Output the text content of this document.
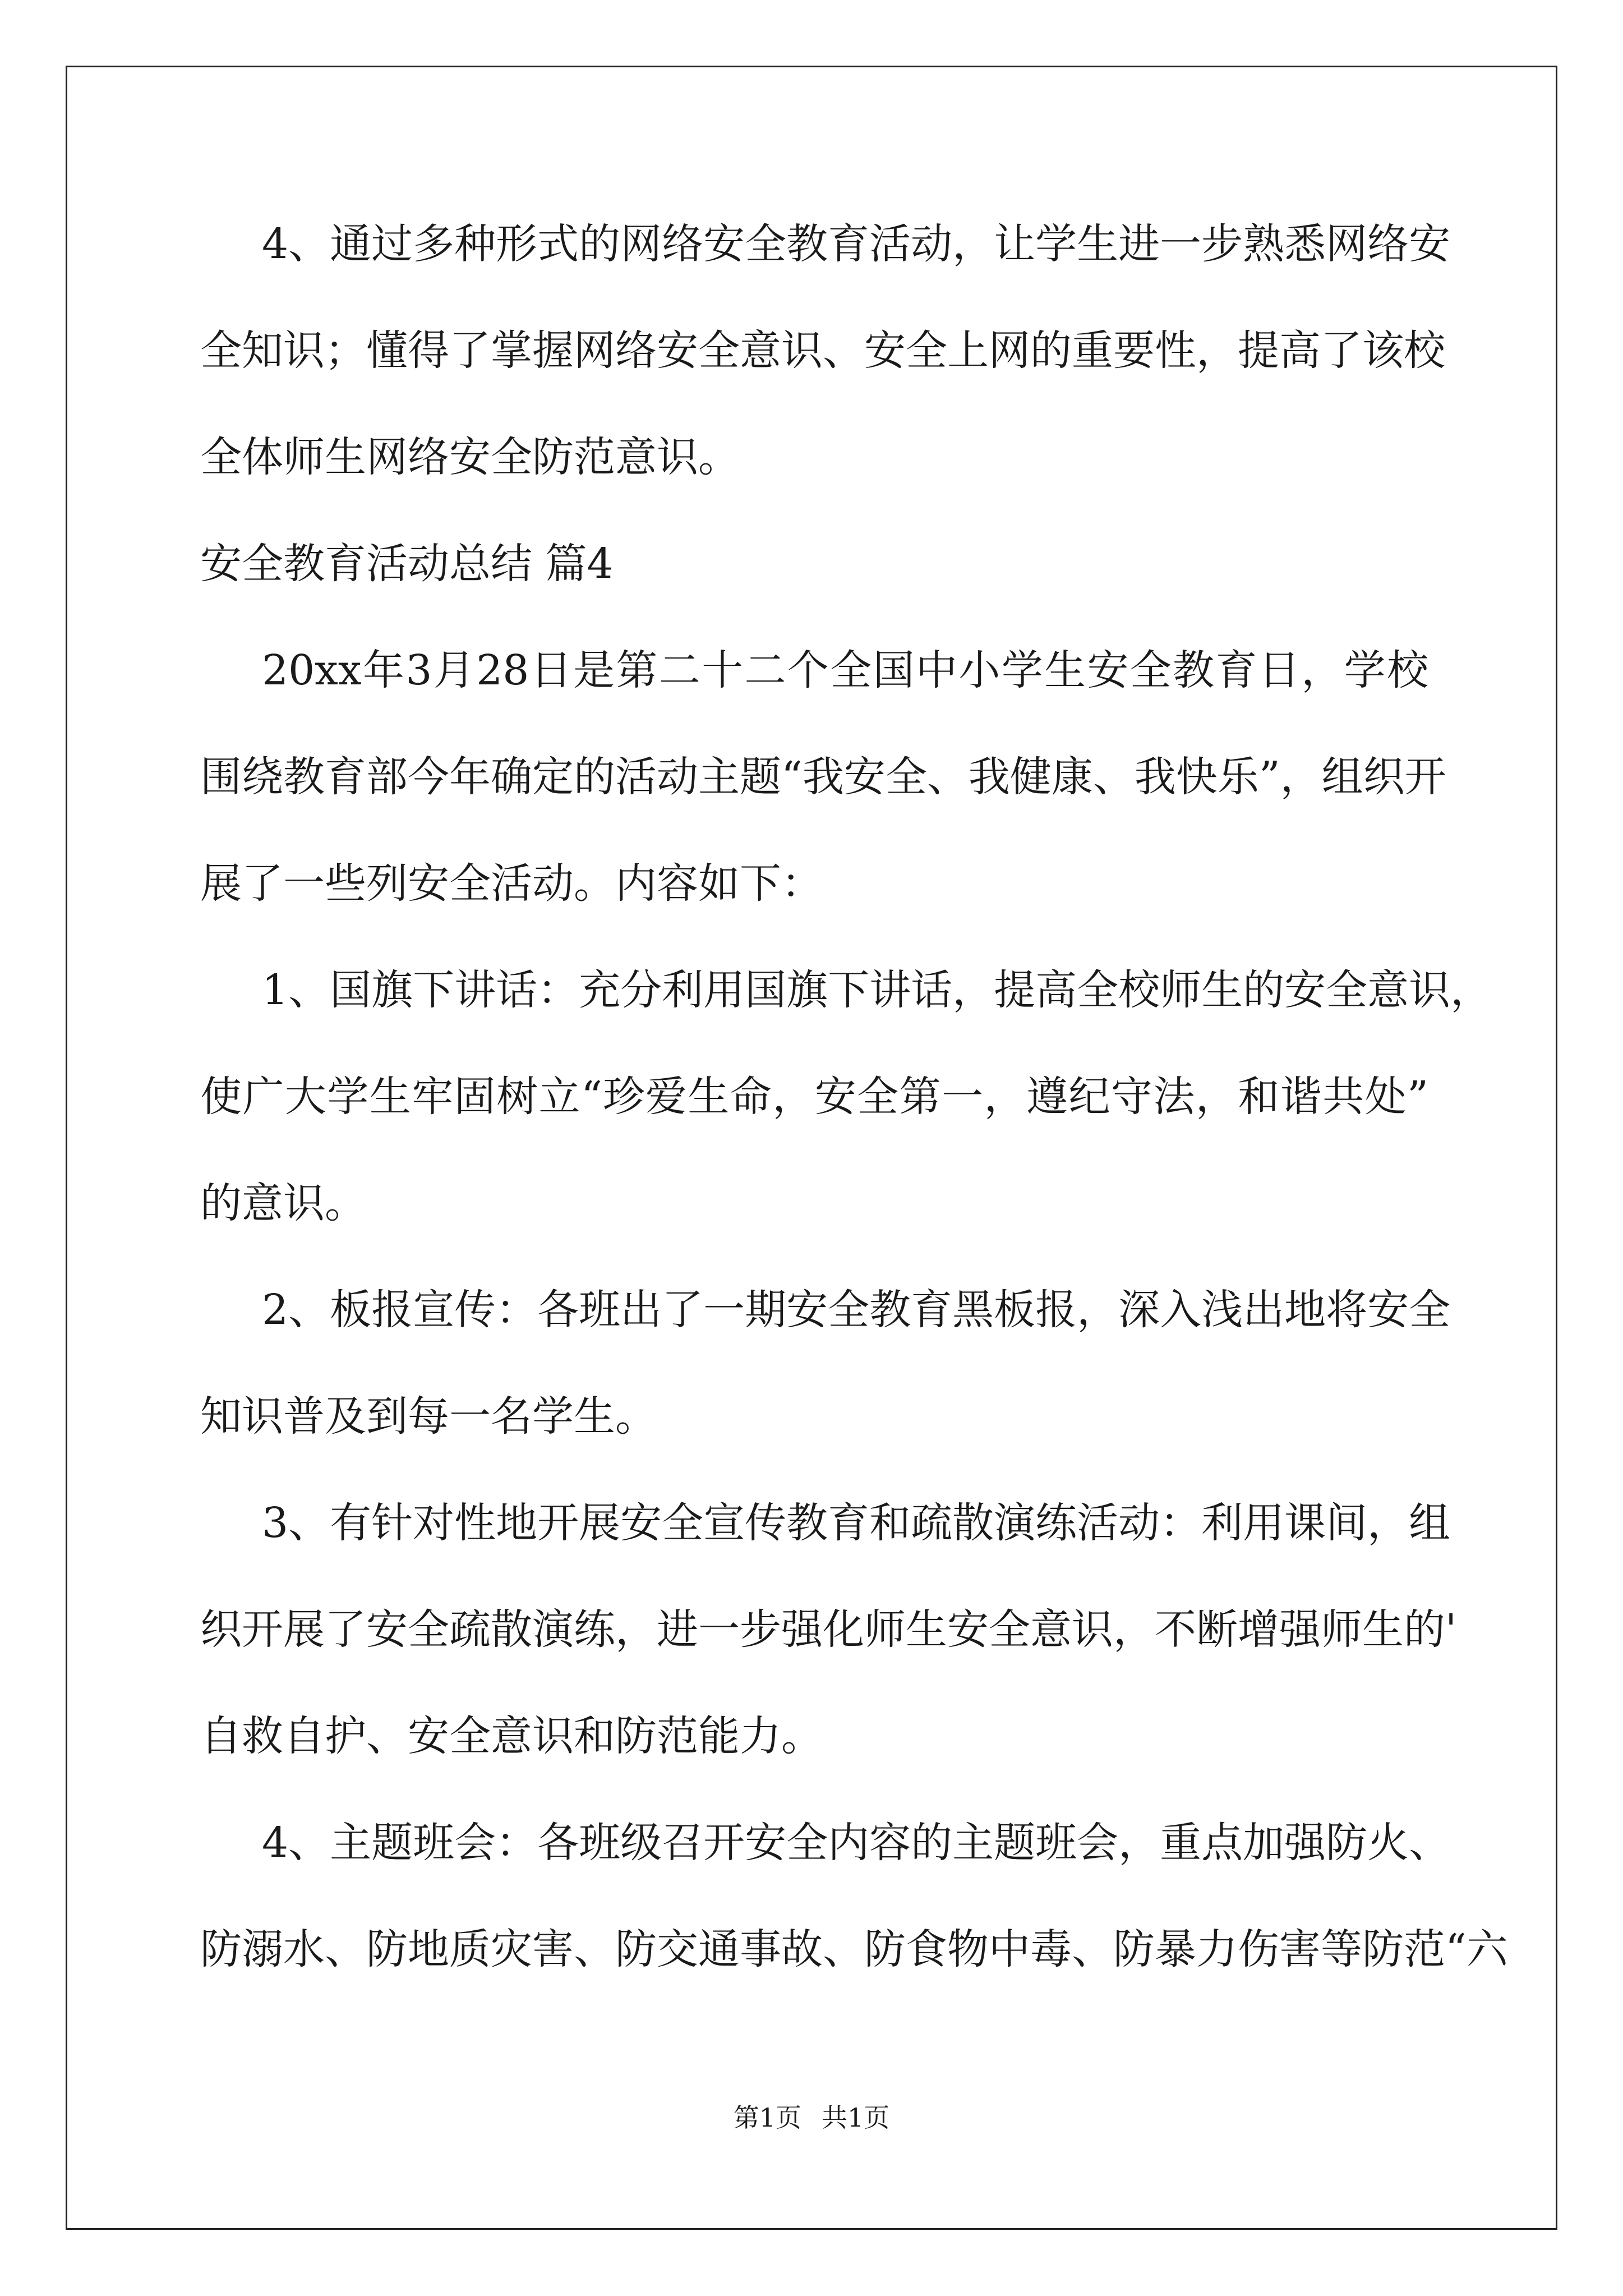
4、通过多种形式的网络安全教育活动，让学生进一步熟悉网络安
全知识；懂得了掌握网络安全意识、安全上网的重要性，提高了该校
全体师生网络安全防范意识。
安全教育活动总结 篇4
20xx年3月28日是第二十二个全国中小学生安全教育日，学校
围绕教育部今年确定的活动主题“我安全、我健康、我快乐”，组织开
展了一些列安全活动。内容如下：
1、国旗下讲话：充分利用国旗下讲话，提高全校师生的安全意识，
使广大学生牢固树立“珍爱生命，安全第一，遵纪守法，和谐共处”
的意识。
2、板报宣传：各班出了一期安全教育黑板报，深入浅出地将安全
知识普及到每一名学生。
3、有针对性地开展安全宣传教育和疏散演练活动：利用课间，组
织开展了安全疏散演练，进一步强化师生安全意识，不断增强师生的'
自救自护、安全意识和防范能力。
4、主题班会：各班级召开安全内容的主题班会，重点加强防火、
防溺水、防地质灾害、防交通事故、防食物中毒、防暴力伤害等防范“六
第1页 共1页
